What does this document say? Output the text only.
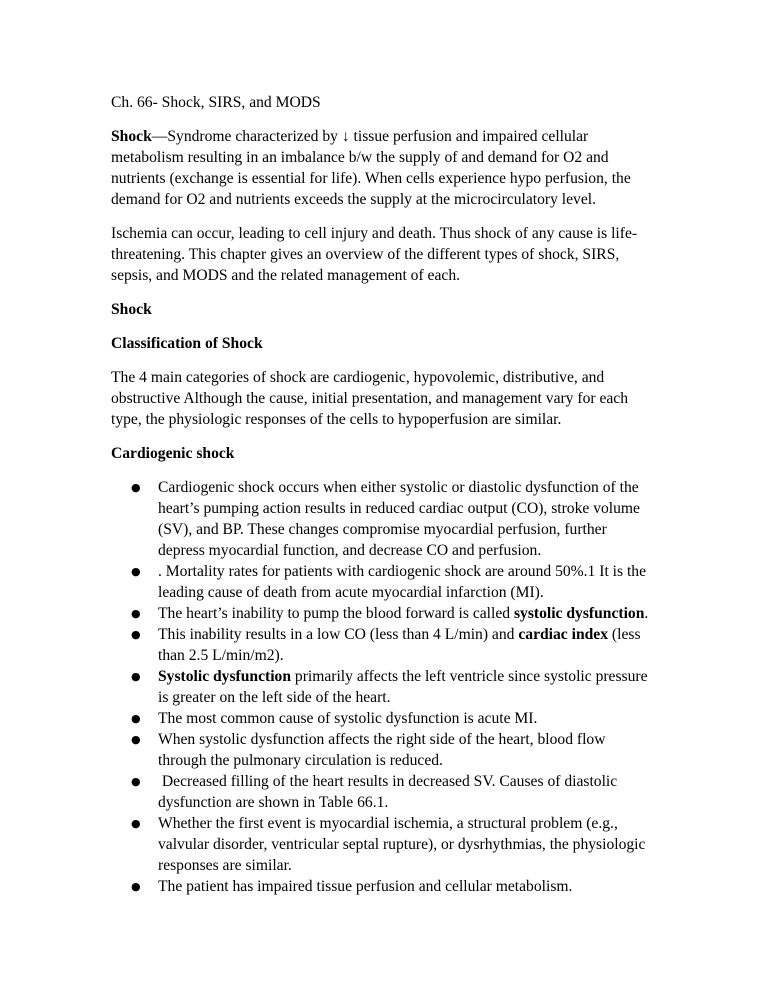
Ch. 66- Shock, SIRS, and MODS

Shock—Syndrome characterized by ↓ tissue perfusion and impaired cellular metabolism resulting in an imbalance b/w the supply of and demand for O2 and nutrients (exchange is essential for life). When cells experience hypo perfusion, the demand for O2 and nutrients exceeds the supply at the microcirculatory level.

Ischemia can occur, leading to cell injury and death. Thus shock of any cause is life-threatening. This chapter gives an overview of the different types of shock, SIRS, sepsis, and MODS and the related management of each.

Shock

Classification of Shock

The 4 main categories of shock are cardiogenic, hypovolemic, distributive, and obstructive Although the cause, initial presentation, and management vary for each type, the physiologic responses of the cells to hypoperfusion are similar.

Cardiogenic shock

● Cardiogenic shock occurs when either systolic or diastolic dysfunction of the heart’s pumping action results in reduced cardiac output (CO), stroke volume (SV), and BP. These changes compromise myocardial perfusion, further depress myocardial function, and decrease CO and perfusion.
● . Mortality rates for patients with cardiogenic shock are around 50%.1 It is the leading cause of death from acute myocardial infarction (MI).
● The heart’s inability to pump the blood forward is called systolic dysfunction.
● This inability results in a low CO (less than 4 L/min) and cardiac index (less than 2.5 L/min/m2).
● Systolic dysfunction primarily affects the left ventricle since systolic pressure is greater on the left side of the heart.
● The most common cause of systolic dysfunction is acute MI.
● When systolic dysfunction affects the right side of the heart, blood flow through the pulmonary circulation is reduced.
● Decreased filling of the heart results in decreased SV. Causes of diastolic dysfunction are shown in Table 66.1.
● Whether the first event is myocardial ischemia, a structural problem (e.g., valvular disorder, ventricular septal rupture), or dysrhythmias, the physiologic responses are similar.
● The patient has impaired tissue perfusion and cellular metabolism.
